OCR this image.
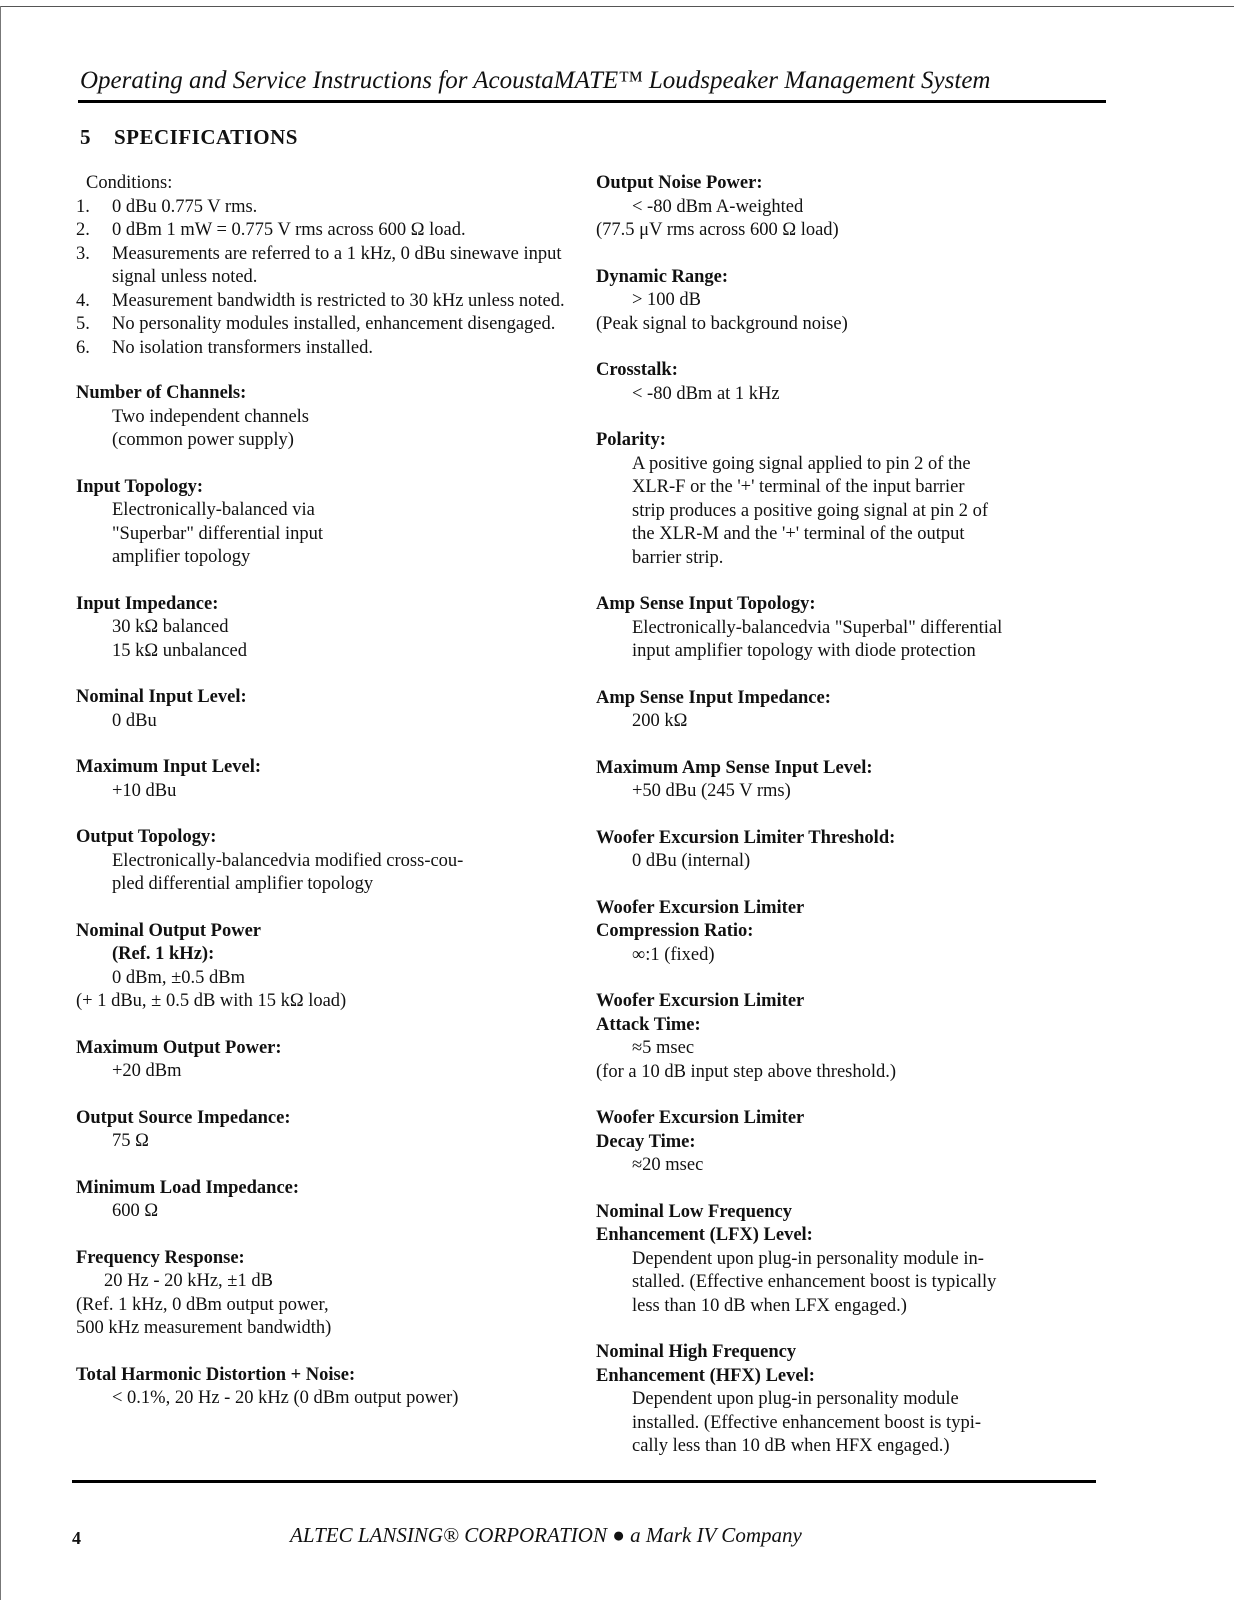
Operating and Service Instructions for AcoustaMATE™ Loudspeaker Management System
5 SPECIFICATIONS
Conditions:
1.	0 dBu 0.775 V rms.
2.	0 dBm 1 mW = 0.775 V rms across 600 Ω load.
3.	Measurements are referred to a 1 kHz, 0 dBu sinewave input signal unless noted.
4.	Measurement bandwidth is restricted to 30 kHz unless noted.
5.	No personality modules installed, enhancement disengaged.
6.	No isolation transformers installed.
Number of Channels:
Two independent channels
(common power supply)
Input Topology:
Electronically-balanced via
"Superbar" differential input
amplifier topology
Input Impedance:
30 kΩ balanced
15 kΩ unbalanced
Nominal Input Level:
0 dBu
Maximum Input Level:
+10 dBu
Output Topology:
Electronically-balancedvia modified cross-cou-
pled differential amplifier topology
Nominal Output Power
(Ref. 1 kHz):
0 dBm, ±0.5 dBm
(+ 1 dBu, ± 0.5 dB with 15 kΩ load)
Maximum Output Power:
+20 dBm
Output Source Impedance:
75 Ω
Minimum Load Impedance:
600 Ω
Frequency Response:
20 Hz - 20 kHz, ±1 dB
(Ref. 1 kHz, 0 dBm output power,
500 kHz measurement bandwidth)
Total Harmonic Distortion + Noise:
< 0.1%, 20 Hz - 20 kHz (0 dBm output power)
Output Noise Power:
< -80 dBm A-weighted
(77.5 μV rms across 600 Ω load)
Dynamic Range:
> 100 dB
(Peak signal to background noise)
Crosstalk:
< -80 dBm at 1 kHz
Polarity:
A positive going signal applied to pin 2 of the
XLR-F or the '+' terminal of the input barrier
strip produces a positive going signal at pin 2 of
the XLR-M and the '+' terminal of the output
barrier strip.
Amp Sense Input Topology:
Electronically-balancedvia "Superbal" differential
input amplifier topology with diode protection
Amp Sense Input Impedance:
200 kΩ
Maximum Amp Sense Input Level:
+50 dBu (245 V rms)
Woofer Excursion Limiter Threshold:
0 dBu (internal)
Woofer Excursion Limiter
Compression Ratio:
∞:1 (fixed)
Woofer Excursion Limiter
Attack Time:
≈5 msec
(for a 10 dB input step above threshold.)
Woofer Excursion Limiter
Decay Time:
≈20 msec
Nominal Low Frequency
Enhancement (LFX) Level:
Dependent upon plug-in personality module in-
stalled. (Effective enhancement boost is typically
less than 10 dB when LFX engaged.)
Nominal High Frequency
Enhancement (HFX) Level:
Dependent upon plug-in personality module
installed. (Effective enhancement boost is typi-
cally less than 10 dB when HFX engaged.)
4	ALTEC LANSING® CORPORATION ● a Mark IV Company
